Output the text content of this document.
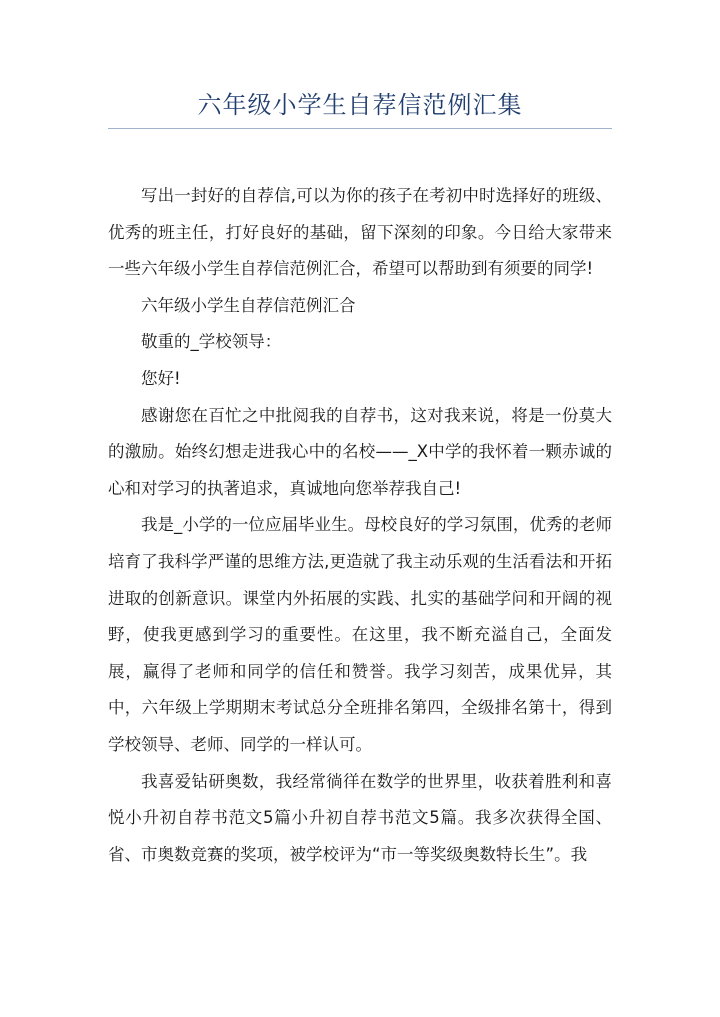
六年级小学生自荐信范例汇集

写出一封好的自荐信,可以为你的孩子在考初中时选择好的班级、优秀的班主任，打好良好的基础，留下深刻的印象。今日给大家带来一些六年级小学生自荐信范例汇合，希望可以帮助到有须要的同学!

六年级小学生自荐信范例汇合

敬重的_学校领导：

您好!

感谢您在百忙之中批阅我的自荐书，这对我来说，将是一份莫大的激励。始终幻想走进我心中的名校——_X中学的我怀着一颗赤诚的心和对学习的执著追求，真诚地向您举荐我自己!

我是_小学的一位应届毕业生。母校良好的学习氛围，优秀的老师培育了我科学严谨的思维方法,更造就了我主动乐观的生活看法和开拓进取的创新意识。课堂内外拓展的实践、扎实的基础学问和开阔的视野，使我更感到学习的重要性。在这里，我不断充溢自己，全面发展，赢得了老师和同学的信任和赞誉。我学习刻苦，成果优异，其中，六年级上学期期末考试总分全班排名第四，全级排名第十，得到学校领导、老师、同学的一样认可。

我喜爱钻研奥数，我经常徜徉在数学的世界里，收获着胜利和喜悦小升初自荐书范文5篇小升初自荐书范文5篇。我多次获得全国、省、市奥数竞赛的奖项，被学校评为“市一等奖级奥数特长生”。我
